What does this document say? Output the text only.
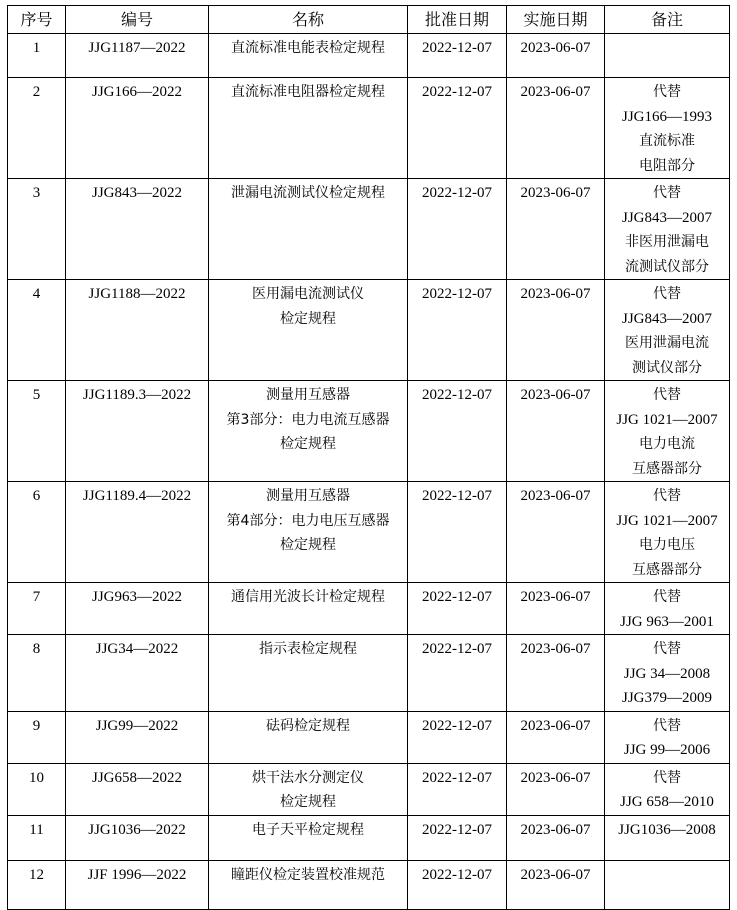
序号	编号	名称	批准日期	实施日期	备注
1	JJG1187—2022	直流标准电能表检定规程	2022-12-07	2023-06-07	
2	JJG166—2022	直流标准电阻器检定规程	2022-12-07	2023-06-07	代替
JJG166—1993
直流标准
电阻部分

3	JJG843—2022	泄漏电流测试仪检定规程	2022-12-07	2023-06-07	代替
JJG843—2007
非医用泄漏电
流测试仪部分

4	JJG1188—2022	医用漏电流测试仪
检定规程	2022-12-07	2023-06-07	代替
JJG843—2007
医用泄漏电流
测试仪部分

5	JJG1189.3—2022	测量用互感器
第3部分：电力电流互感器
检定规程	2022-12-07	2023-06-07	代替
JJG 1021—2007
电力电流
互感器部分

6	JJG1189.4—2022	测量用互感器
第4部分：电力电压互感器
检定规程	2022-12-07	2023-06-07	代替
JJG 1021—2007
电力电压
互感器部分

7	JJG963—2022	通信用光波长计检定规程	2022-12-07	2023-06-07	代替
JJG 963—2001

8	JJG34—2022	指示表检定规程	2022-12-07	2023-06-07	代替
JJG 34—2008
JJG379—2009

9	JJG99—2022	砝码检定规程	2022-12-07	2023-06-07	代替
JJG 99—2006

10	JJG658—2022	烘干法水分测定仪
检定规程	2022-12-07	2023-06-07	代替
JJG 658—2010

11	JJG1036—2022	电子天平检定规程	2022-12-07	2023-06-07	JJG1036—2008

12	JJF 1996—2022	瞳距仪检定装置校准规范	2022-12-07	2023-06-07	
